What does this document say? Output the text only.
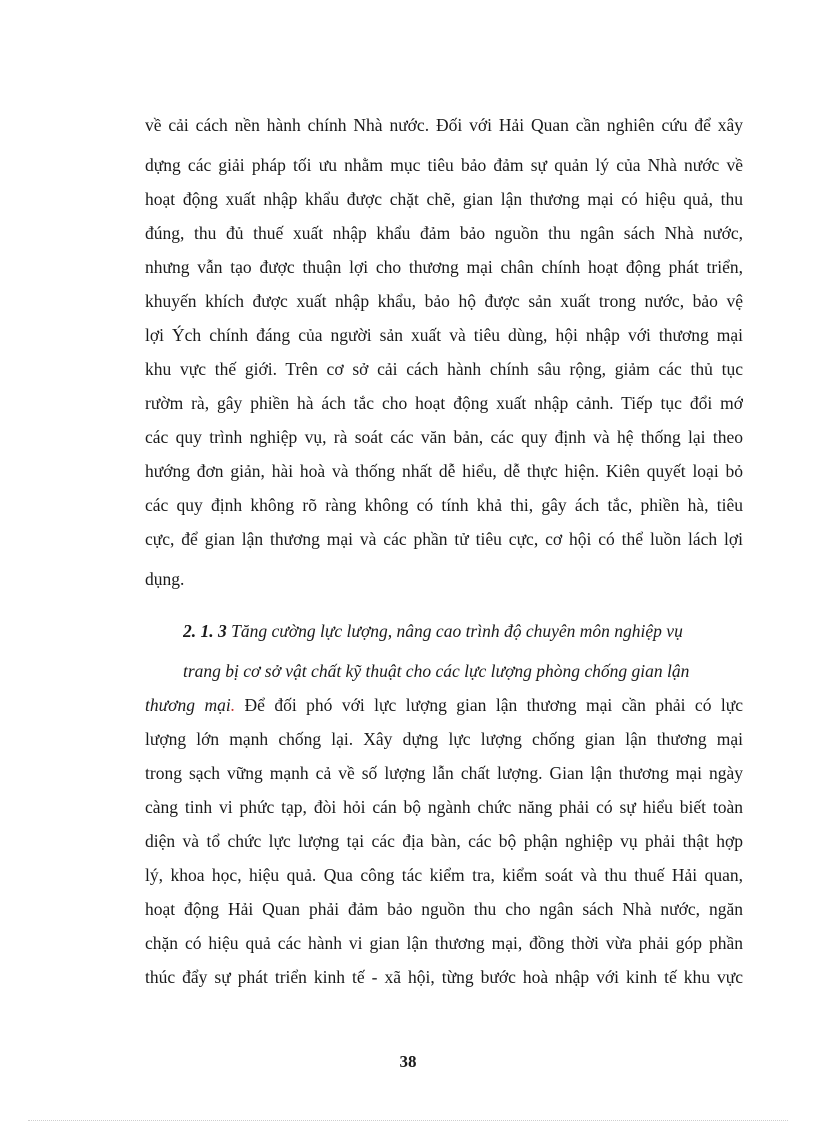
về cải cách nền hành chính Nhà nước. Đối với Hải Quan cần nghiên cứu để xây
dựng các giải pháp tối ưu nhằm mục tiêu bảo đảm sự quản lý của Nhà nước về
hoạt động xuất nhập khẩu được chặt chẽ, gian lận thương mại có hiệu quả, thu
đúng, thu đủ thuế xuất nhập khẩu đảm bảo nguồn thu ngân sách Nhà nước,
nhưng vẫn tạo được thuận lợi cho thương mại chân chính hoạt động phát triển,
khuyến khích được xuất nhập khẩu, bảo hộ được sản xuất trong nước, bảo vệ
lợi Ých chính đáng của người sản xuất và tiêu dùng, hội nhập với thương mại
khu vực thế giới. Trên cơ sở cải cách hành chính sâu rộng, giảm các thủ tục
rườm rà, gây phiền hà ách tắc cho hoạt động xuất nhập cảnh. Tiếp tục đổi mớ
các quy trình nghiệp vụ, rà soát các văn bản, các quy định và hệ thống lại theo
hướng đơn giản, hài hoà và thống nhất dễ hiểu, dễ thực hiện. Kiên quyết loại bỏ
các quy định không rõ ràng không có tính khả thi, gây ách tắc, phiền hà, tiêu
cực, để gian lận thương mại và các phần tử tiêu cực, cơ hội có thể luồn lách lợi
dụng.
2. 1. 3 Tăng cường lực lượng, nâng cao trình độ chuyên môn nghiệp vụ
trang bị cơ sở vật chất kỹ thuật cho các lực lượng phòng chống gian lận
thương mại. Để đối phó với lực lượng gian lận thương mại cần phải có lực
lượng lớn mạnh chống lại. Xây dựng lực lượng chống gian lận thương mại
trong sạch vững mạnh cả về số lượng lẫn chất lượng. Gian lận thương mại ngày
càng tinh vi phức tạp, đòi hỏi cán bộ ngành chức năng phải có sự hiểu biết toàn
diện và tổ chức lực lượng tại các địa bàn, các bộ phận nghiệp vụ phải thật hợp
lý, khoa học, hiệu quả. Qua công tác kiểm tra, kiểm soát và thu thuế Hải quan,
hoạt động Hải Quan phải đảm bảo nguồn thu cho ngân sách Nhà nước, ngăn
chặn có hiệu quả các hành vi gian lận thương mại, đồng thời vừa phải góp phần
thúc đẩy sự phát triển kinh tế - xã hội, từng bước hoà nhập với kinh tế khu vực
38
